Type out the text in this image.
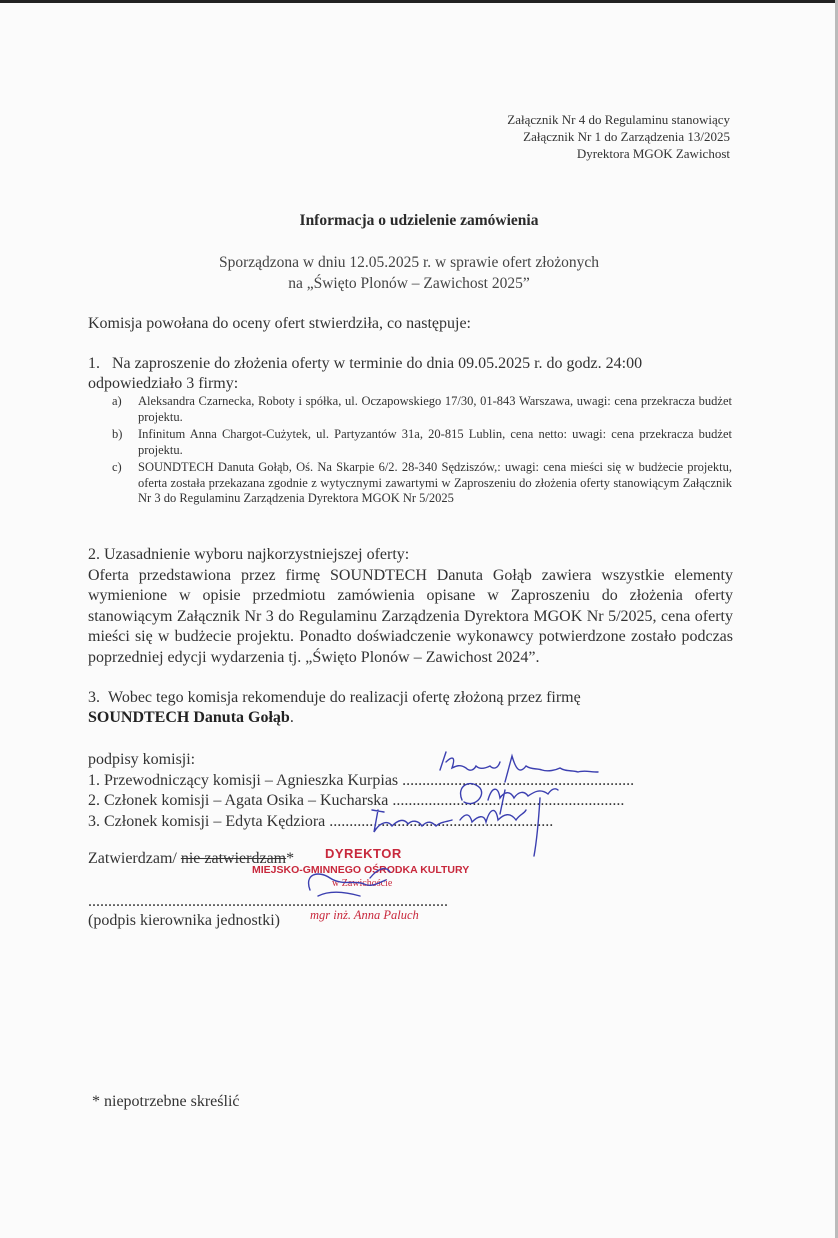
Załącznik Nr 4 do Regulaminu stanowiący
Załącznik Nr 1 do Zarządzenia 13/2025
Dyrektora MGOK Zawichost
Informacja o udzielenie zamówienia
Sporządzona w dniu 12.05.2025 r. w sprawie ofert złożonych
na „Święto Plonów – Zawichost 2025”
Komisja powołana do oceny ofert stwierdziła, co następuje:
1. Na zaproszenie do złożenia oferty w terminie do dnia 09.05.2025 r. do godz. 24:00
odpowiedziało 3 firmy:
a)	Aleksandra Czarnecka, Roboty i spółka, ul. Oczapowskiego 17/30, 01-843 Warszawa, uwagi: cena przekracza budżet projektu.
b)	Infinitum Anna Chargot-Cużytek, ul. Partyzantów 31a, 20-815 Lublin, cena netto: uwagi: cena przekracza budżet projektu.
c)	SOUNDTECH Danuta Gołąb, Oś. Na Skarpie 6/2. 28-340 Sędziszów,: uwagi: cena mieści się w budżecie projektu, oferta została przekazana zgodnie z wytycznymi zawartymi w Zaproszeniu do złożenia oferty stanowiącym Załącznik Nr 3 do Regulaminu Zarządzenia Dyrektora MGOK Nr 5/2025
2. Uzasadnienie wyboru najkorzystniejszej oferty:
Oferta przedstawiona przez firmę SOUNDTECH Danuta Gołąb zawiera wszystkie elementy wymienione w opisie przedmiotu zamówienia opisane w Zaproszeniu do złożenia oferty stanowiącym Załącznik Nr 3 do Regulaminu Zarządzenia Dyrektora MGOK Nr 5/2025, cena oferty mieści się w budżecie projektu. Ponadto doświadczenie wykonawcy potwierdzone zostało podczas poprzedniej edycji wydarzenia tj. „Święto Plonów – Zawichost 2024”.
3. Wobec tego komisja rekomenduje do realizacji ofertę złożoną przez firmę
SOUNDTECH Danuta Gołąb.
podpisy komisji:
1. Przewodniczący komisji – Agnieszka Kurpias ..........................................................
2. Członek komisji – Agata Osika – Kucharska ..........................................................
3. Członek komisji – Edyta Kędziora ........................................................
Zatwierdzam/ nie zatwierdzam*
..........................................................................................
(podpis kierownika jednostki)
DYREKTOR
MIEJSKO-GMINNEGO OŚRODKA KULTURY
w Zawichoście
mgr inż. Anna Paluch
* niepotrzebne skreślić
